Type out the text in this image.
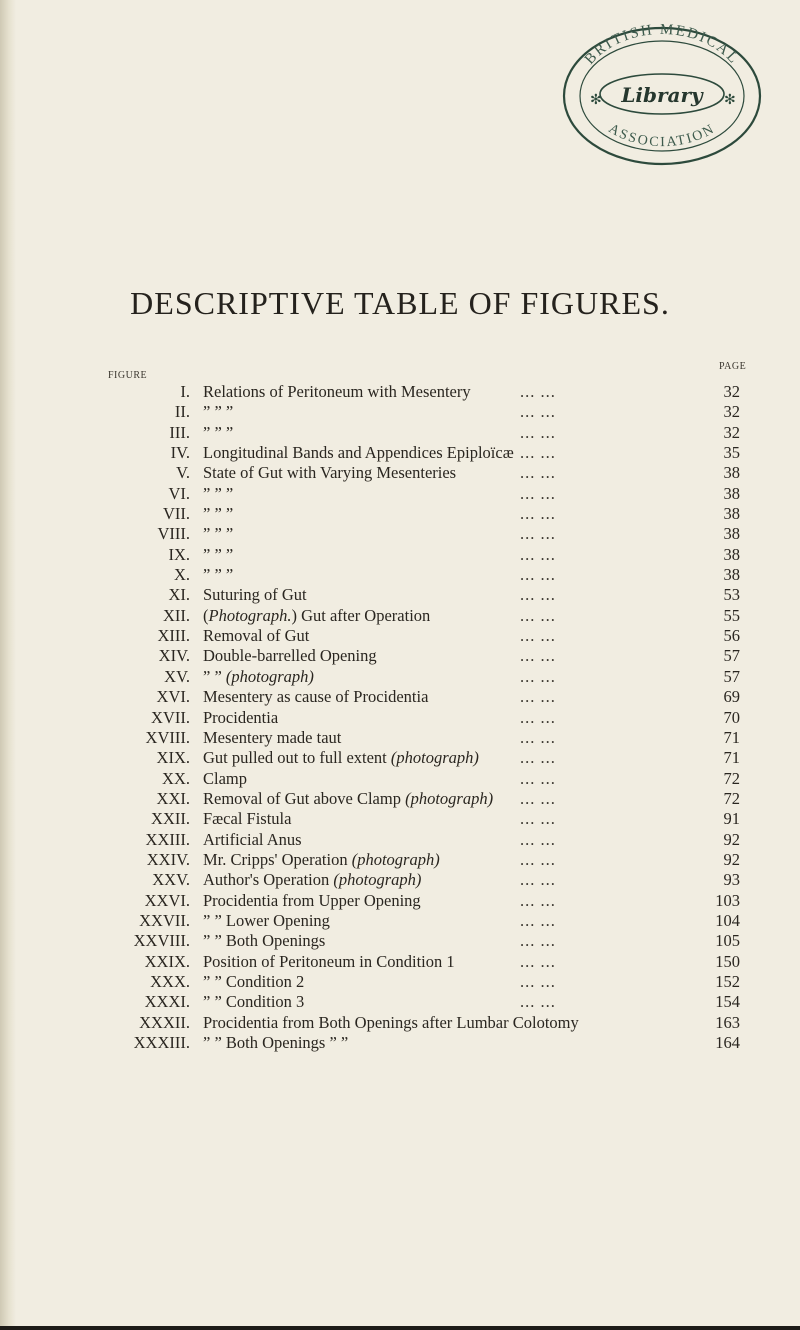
BRITISH MEDICAL
Library
ASSOCIATION
✻	✻
DESCRIPTIVE TABLE OF FIGURES.
FIGURE
PAGE
I. Relations of Peritoneum with Mesentery	... ...	32
II. ” ” ”	... ...	32
III. ” ” ”	... ...	32
IV. Longitudinal Bands and Appendices Epiploïcæ ... ...	35
V. State of Gut with Varying Mesenteries	... ...	38
VI. ” ” ”	... ...	38
VII. ” ” ”	... ...	38
VIII. ” ” ”	... ...	38
IX. ” ” ”	... ...	38
X. ” ” ”	... ...	38
XI. Suturing of Gut	... ...	53
XII. (Photograph.) Gut after Operation	... ...	55
XIII. Removal of Gut	... ...	56
XIV. Double-barrelled Opening	... ...	57
XV. ” ” (photograph)	... ...	57
XVI. Mesentery as cause of Procidentia	... ...	69
XVII. Procidentia	... ...	70
XVIII. Mesentery made taut	... ...	71
XIX. Gut pulled out to full extent (photograph) ... ...	71
XX. Clamp	... ...	72
XXI. Removal of Gut above Clamp (photograph) ... ...	72
XXII. Fæcal Fistula	... ...	91
XXIII. Artificial Anus	... ...	92
XXIV. Mr. Cripps' Operation (photograph)	... ...	92
XXV. Author's Operation (photograph)	... ...	93
XXVI. Procidentia from Upper Opening	... ...	103
XXVII. ” ” Lower Opening	... ...	104
XXVIII. ” ” Both Openings	... ...	105
XXIX. Position of Peritoneum in Condition 1	... ...	150
XXX. ” ” Condition 2	... ...	152
XXXI. ” ” Condition 3	... ...	154
XXXII. Procidentia from Both Openings after Lumbar Colotomy	163
XXXIII. ” ” Both Openings ” ”	164
